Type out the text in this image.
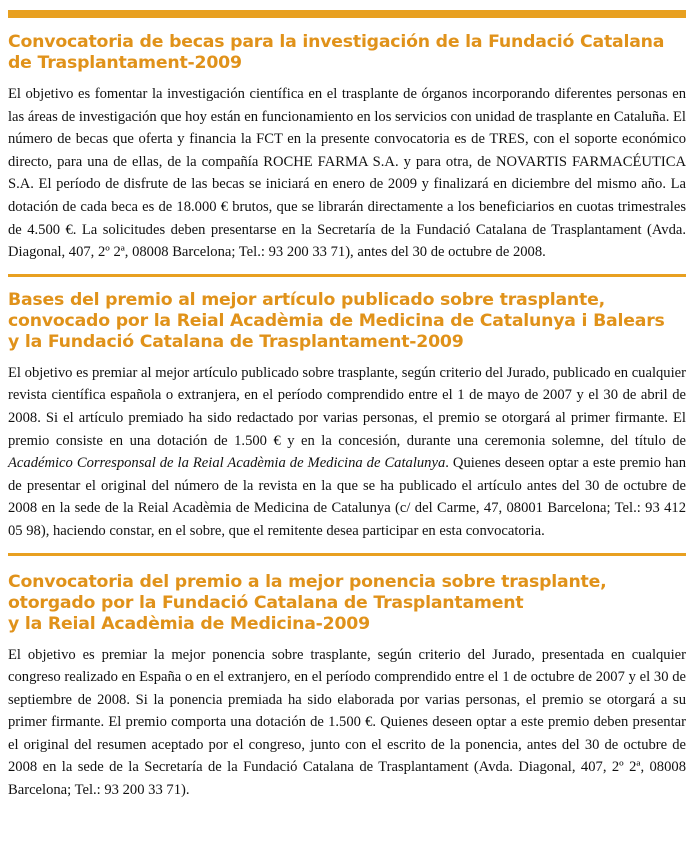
Convocatoria de becas para la investigación de la Fundació Catalana
de Trasplantament-2009

El objetivo es fomentar la investigación científica en el trasplante de órganos incorporando diferentes personas en las áreas de investigación que hoy están en funcionamiento en los servicios con unidad de trasplante en Cataluña. El número de becas que oferta y financia la FCT en la presente convocatoria es de TRES, con el soporte económico directo, para una de ellas, de la compañía ROCHE FARMA S.A. y para otra, de NOVARTIS FARMACÉUTICA S.A. El período de disfrute de las becas se iniciará en enero de 2009 y finalizará en diciembre del mismo año. La dotación de cada beca es de 18.000 € brutos, que se librarán directamente a los beneficiarios en cuotas trimestrales de 4.500 €. La solicitudes deben presentarse en la Secretaría de la Fundació Catalana de Trasplantament (Avda. Diagonal, 407, 2º 2ª, 08008 Barcelona; Tel.: 93 200 33 71), antes del 30 de octubre de 2008.

Bases del premio al mejor artículo publicado sobre trasplante,
convocado por la Reial Acadèmia de Medicina de Catalunya i Balears
y la Fundació Catalana de Trasplantament-2009

El objetivo es premiar al mejor artículo publicado sobre trasplante, según criterio del Jurado, publicado en cualquier revista científica española o extranjera, en el período comprendido entre el 1 de mayo de 2007 y el 30 de abril de 2008. Si el artículo premiado ha sido redactado por varias personas, el premio se otorgará al primer firmante. El premio consiste en una dotación de 1.500 € y en la concesión, durante una ceremonia solemne, del título de Académico Corresponsal de la Reial Acadèmia de Medicina de Catalunya. Quienes deseen optar a este premio han de presentar el original del número de la revista en la que se ha publicado el artículo antes del 30 de octubre de 2008 en la sede de la Reial Acadèmia de Medicina de Catalunya (c/ del Carme, 47, 08001 Barcelona; Tel.: 93 412 05 98), haciendo constar, en el sobre, que el remitente desea participar en esta convocatoria.

Convocatoria del premio a la mejor ponencia sobre trasplante,
otorgado por la Fundació Catalana de Trasplantament
y la Reial Acadèmia de Medicina-2009

El objetivo es premiar la mejor ponencia sobre trasplante, según criterio del Jurado, presentada en cualquier congreso realizado en España o en el extranjero, en el período comprendido entre el 1 de octubre de 2007 y el 30 de septiembre de 2008. Si la ponencia premiada ha sido elaborada por varias personas, el premio se otorgará a su primer firmante. El premio comporta una dotación de 1.500 €. Quienes deseen optar a este premio deben presentar el original del resumen aceptado por el congreso, junto con el escrito de la ponencia, antes del 30 de octubre de 2008 en la sede de la Secretaría de la Fundació Catalana de Trasplantament (Avda. Diagonal, 407, 2º 2ª, 08008 Barcelona; Tel.: 93 200 33 71).
